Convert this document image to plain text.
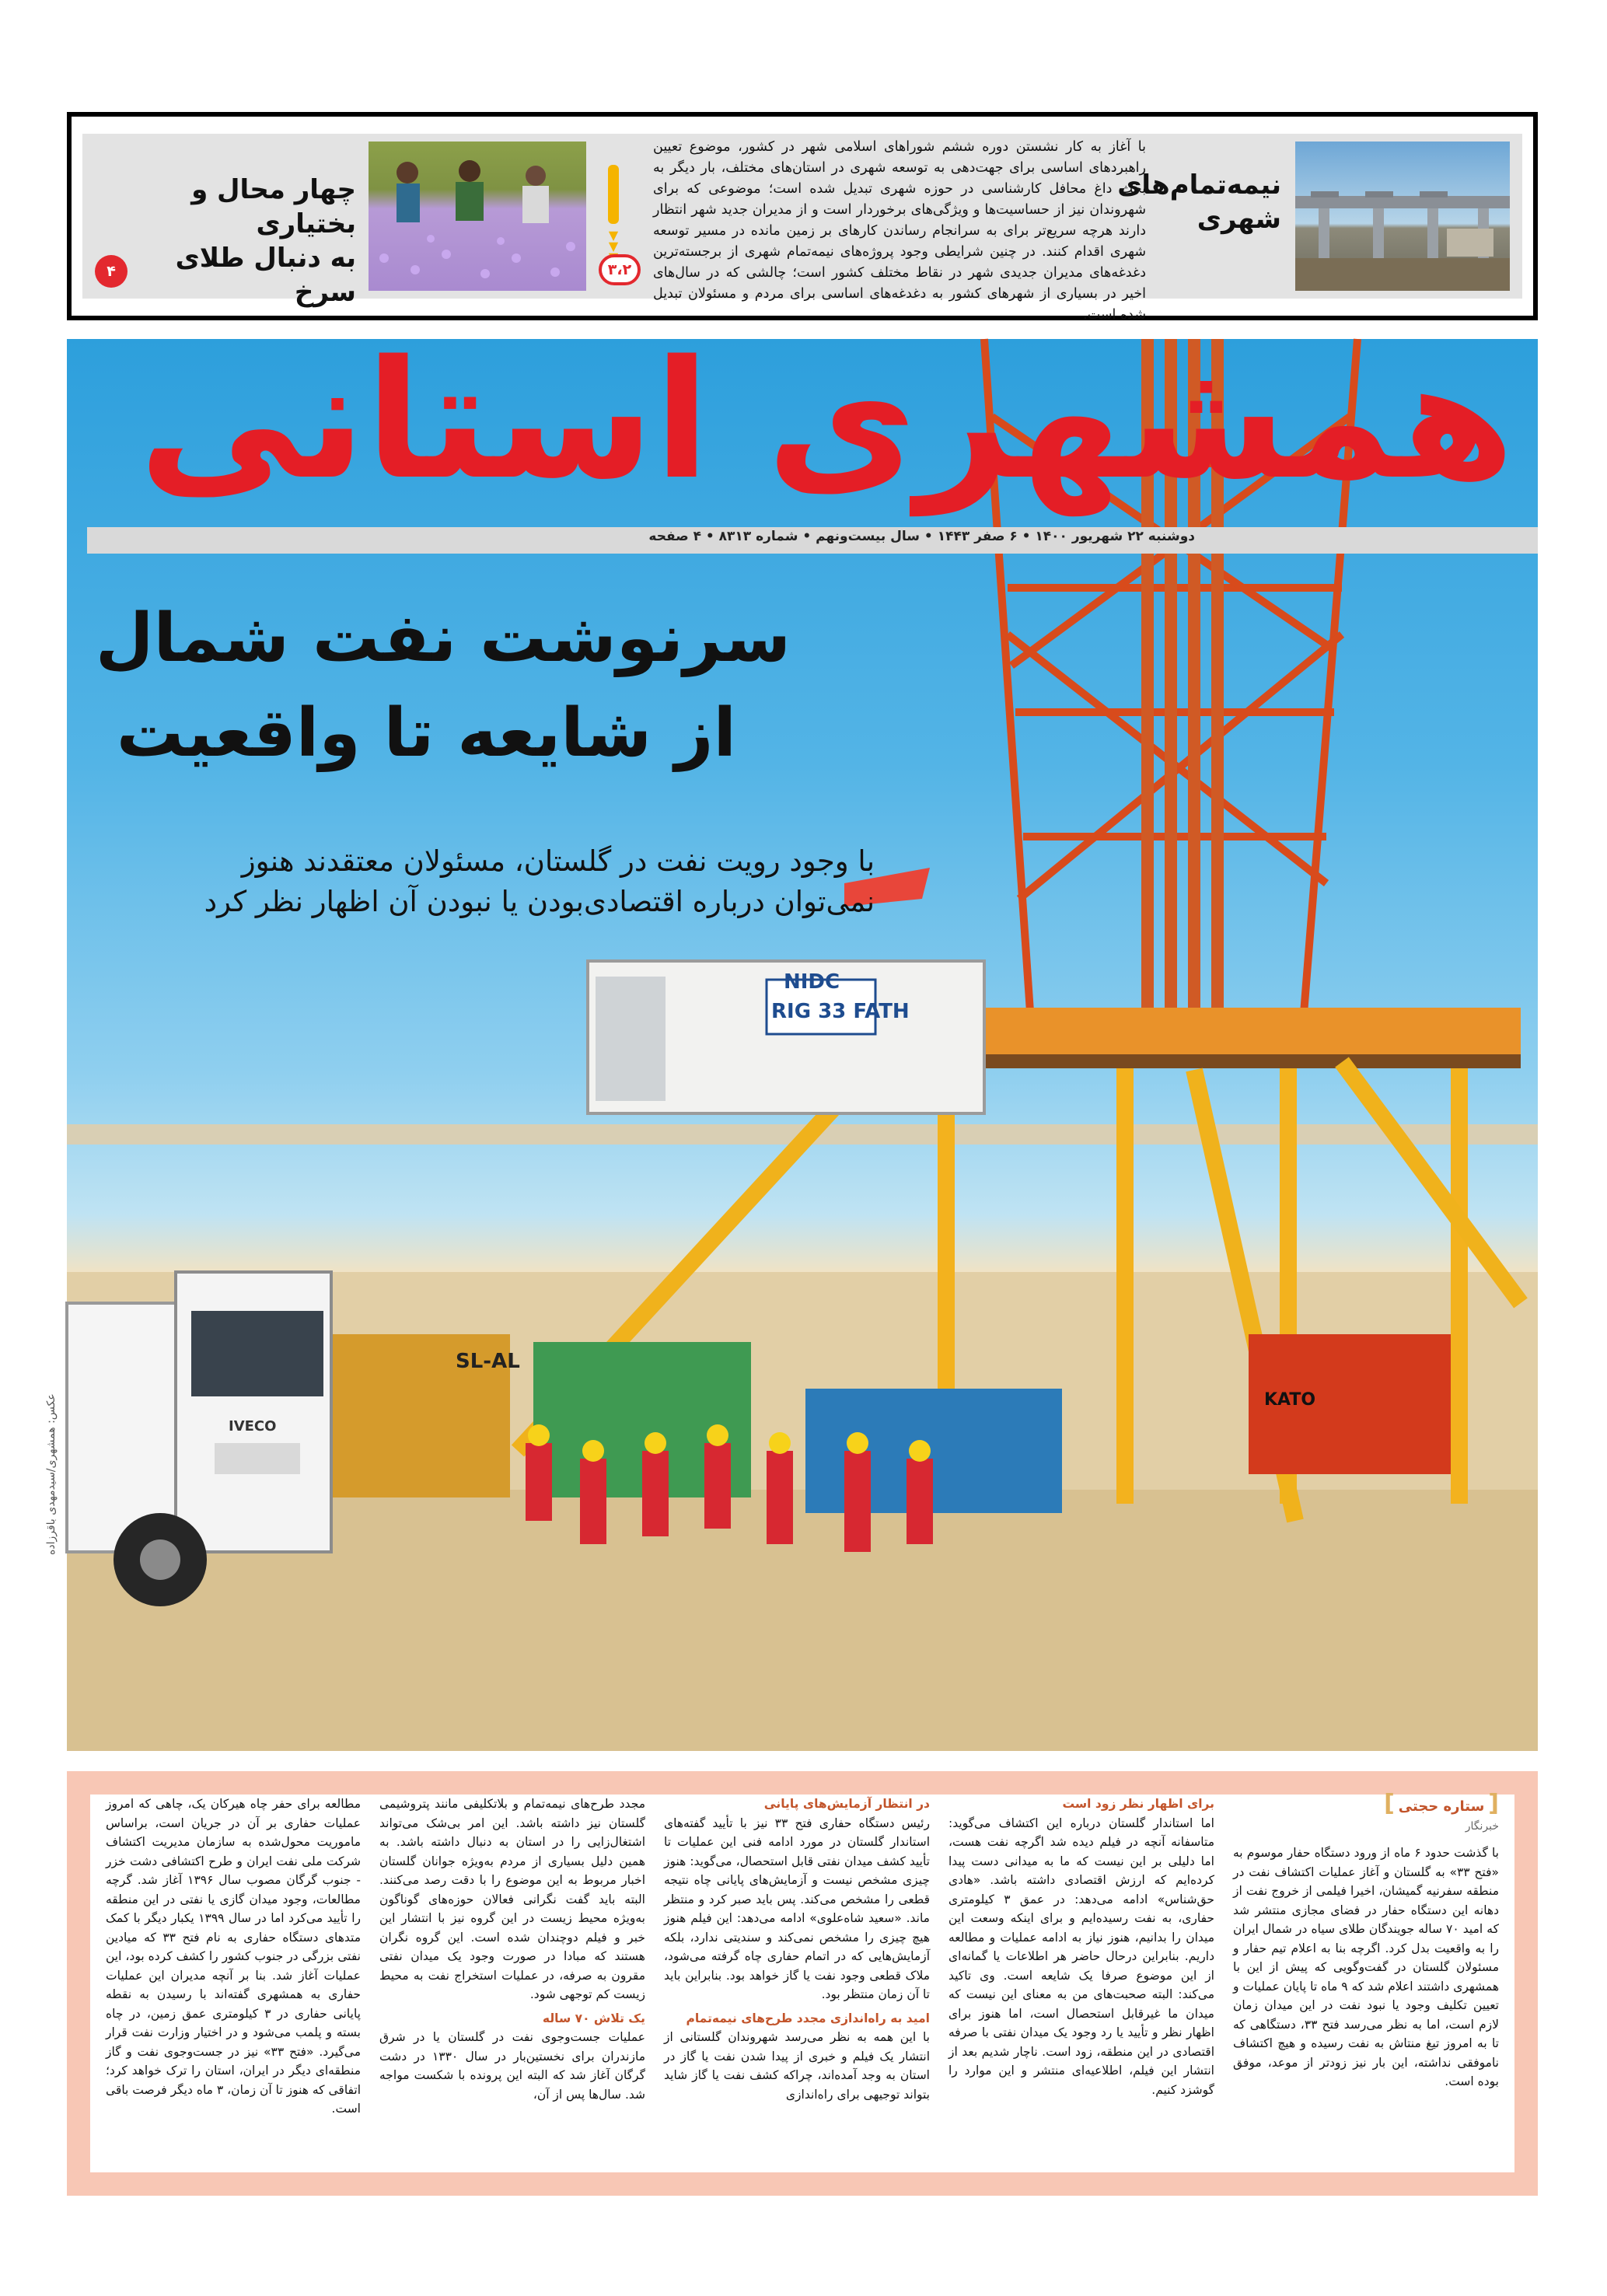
نیمه‌تمام‌های شهری
با آغاز به کار نشستن دوره ششم شوراهای اسلامی شهر در کشور، موضوع تعیین راهبردهای اساسی برای جهت‌دهی به توسعه شهری در استان‌های مختلف، بار دیگر به بحث داغ محافل کارشناسی در حوزه شهری تبدیل شده است؛ موضوعی که برای شهروندان نیز از حساسیت‌ها و ویژگی‌های برخوردار است و از مدیران جدید شهر انتظار دارند هرچه سریع‌تر برای به سرانجام رساندن کارهای بر زمین مانده در مسیر توسعه شهری اقدام کنند. در چنین شرایطی وجود پروژه‌های نیمه‌تمام شهری از برجسته‌ترین دغدغه‌های مدیران جدیدی شهر در نقاط مختلف کشور است؛ چالشی که در سال‌های اخیر در بسیاری از شهرهای کشور به دغدغه‌های اساسی برای مردم و مسئولان تبدیل شده است.
▼
▼

۳،۲
چهار محال و بختیاری
به دنبال طلای سرخ
۴
NIDC
RIG 33 FATH
KATO
IVECO
SL-AL
همشهری استانی
دوشنبه ۲۲ شهریور ۱۴۰۰ • ۶ صفر ۱۴۴۳ • سال بیست‌ونهم • شماره ۸۳۱۳ • ۴ صفحه
سرنوشت نفت شمال
از شایعه تا واقعیت
با وجود رویت نفت در گلستان، مسئولان معتقدند هنوز
نمی‌توان درباره اقتصادی‌بودن یا نبودن آن اظهار نظر کرد
عکس: همشهری/سیدمهدی باقرزاده
[ ستاره حجتی ]
خبرنگار
با گذشت حدود ۶ ماه از ورود دستگاه حفار موسوم به «فتح ۳۳» به گلستان و آغاز عملیات اکتشاف نفت در منطقه سفرنیه گمیشان، اخیرا فیلمی از خروج نفت از دهانه این دستگاه حفار در فضای مجازی منتشر شد که امید ۷۰ ساله جویندگان طلای سیاه در شمال ایران را به واقعیت بدل کرد. اگرچه بنا به اعلام تیم حفار و مسئولان گلستان در گفت‌وگویی که پیش از این با همشهری داشتند اعلام شد که ۹ ماه تا پایان عملیات و تعیین تکلیف وجود یا نبود نفت در این میدان زمان لازم است، اما به نظر می‌رسد فتح ۳۳، دستگاهی که تا به امروز تیغ منتاش به نفت رسیده و هیچ اکتشاف ناموفقی نداشته، این بار نیز زودتر از موعد، موفق بوده است.
برای اظهار نظر زود است
اما استاندار گلستان درباره این اکتشاف می‌گوید: متاسفانه آنچه در فیلم دیده شد اگرچه نفت هست، اما دلیلی بر این نیست که ما به میدانی دست پیدا کرده‌ایم که ارزش اقتصادی داشته باشد. «هادی حق‌شناس» ادامه می‌دهد: در عمق ۳ کیلومتری حفاری، به نفت رسیده‌ایم و برای اینکه وسعت این میدان را بدانیم، هنوز نیاز به ادامه عملیات و مطالعه داریم. بنابراین درحال حاضر هر اطلاعات یا گمانه‌ای از این موضوع صرفا یک شایعه است. وی تاکید می‌کند: البته صحبت‌های من به معنای این نیست که میدان ما غیرقابل استحصال است، اما هنوز برای اظهار نظر و تأیید یا رد وجود یک میدان نفتی با صرفه اقتصادی در این منطقه، زود است. ناچار شدیم بعد از انتشار این فیلم، اطلاعیه‌ای منتشر و این موارد را گوشزد کنیم.
در انتظار آزمایش‌های پایانی
رئیس دستگاه حفاری فتح ۳۳ نیز با تأیید گفته‌های استاندار گلستان در مورد ادامه فنی این عملیات تا تأیید کشف میدان نفتی قابل استحصال، می‌گوید: هنوز چیزی مشخص نیست و آزمایش‌های پایانی چاه نتیجه قطعی را مشخص می‌کند. پس باید صبر کرد و منتظر ماند. «سعید شاه‌علوی» ادامه می‌دهد: این فیلم هنوز هیچ چیزی را مشخص نمی‌کند و سندیتی ندارد، بلکه آزمایش‌هایی که در اتمام حفاری چاه گرفته می‌شود، ملاک قطعی وجود نفت یا گاز خواهد بود. بنابراین باید تا آن زمان منتظر بود.
امید به راه‌اندازی مجدد طرح‌های نیمه‌تمام
با این همه به نظر می‌رسد شهروندان گلستانی از انتشار یک فیلم و خبری از پیدا شدن نفت یا گاز در استان به وجد آمده‌اند، چراکه کشف نفت یا گاز شاید بتواند توجیهی برای راه‌اندازی
مجدد طرح‌های نیمه‌تمام و بلاتکلیفی مانند پتروشیمی گلستان نیز داشته باشد. این امر بی‌شک می‌تواند اشتغال‌زایی را در استان به دنبال داشته باشد. به همین دلیل بسیاری از مردم به‌ویژه جوانان گلستان اخبار مربوط به این موضوع را با دقت رصد می‌کنند. البته باید گفت نگرانی فعالان حوزه‌های گوناگون به‌ویژه محیط زیست در این گروه نیز با انتشار این خبر و فیلم دوچندان شده است. این گروه نگران هستند که مبادا در صورت وجود یک میدان نفتی مقرون به صرفه، در عملیات استخراج نفت به محیط زیست کم توجهی شود.
یک تلاش ۷۰ ساله
عملیات جست‌وجوی نفت در گلستان یا در شرق مازندران برای نخستین‌بار در سال ۱۳۳۰ در دشت گرگان آغاز شد که البته این پرونده با شکست مواجه شد. سال‌ها پس از آن،
مطالعه برای حفر چاه هیرکان یک، چاهی که امروز عملیات حفاری بر آن در جریان است، براساس ماموریت محول‌شده به سازمان مدیریت اکتشاف شرکت ملی نفت ایران و طرح اکتشافی دشت خزر - جنوب گرگان مصوب سال ۱۳۹۶ آغاز شد. گرچه مطالعات، وجود میدان گازی یا نفتی در این منطقه را تأیید می‌کرد اما در سال ۱۳۹۹ یکبار دیگر با کمک متدهای دستگاه حفاری به نام فتح ۳۳ که میادین نفتی بزرگی در جنوب کشور را کشف کرده بود، این عملیات آغاز شد. بنا بر آنچه مدیران این عملیات حفاری به همشهری گفته‌اند با رسیدن به نقطه پایانی حفاری در ۳ کیلومتری عمق زمین، در چاه بسته و پلمب می‌شود و در اختیار وزارت نفت قرار می‌گیرد. «فتح ۳۳» نیز در جست‌وجوی نفت و گاز منطقه‌ای دیگر در ایران، استان را ترک خواهد کرد؛ اتفاقی که هنوز تا آن زمان، ۳ ماه دیگر فرصت باقی است.
